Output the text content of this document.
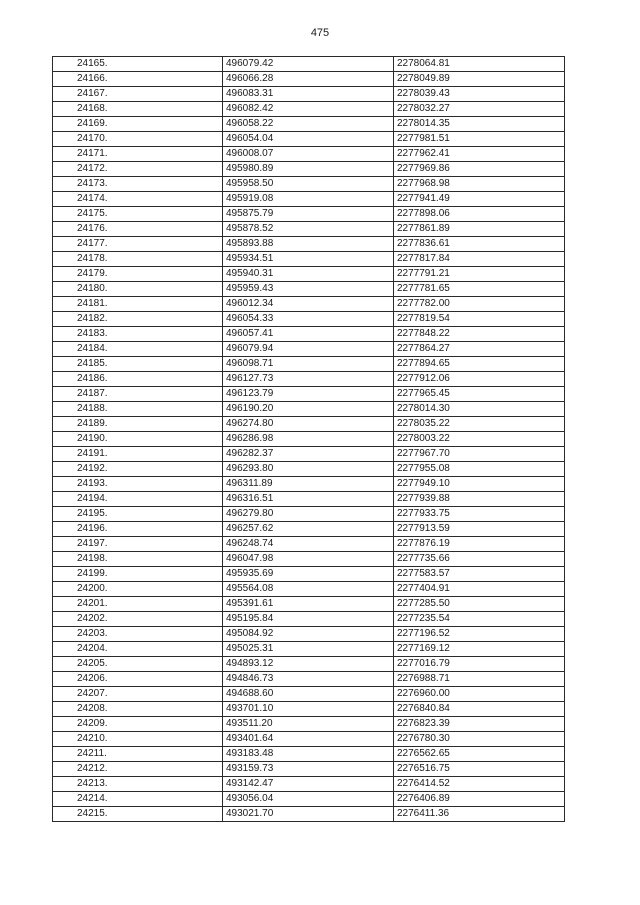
475
24165.	496079.42	2278064.81
24166.	496066.28	2278049.89
24167.	496083.31	2278039.43
24168.	496082.42	2278032.27
24169.	496058.22	2278014.35
24170.	496054.04	2277981.51
24171.	496008.07	2277962.41
24172.	495980.89	2277969.86
24173.	495958.50	2277968.98
24174.	495919.08	2277941.49
24175.	495875.79	2277898.06
24176.	495878.52	2277861.89
24177.	495893.88	2277836.61
24178.	495934.51	2277817.84
24179.	495940.31	2277791.21
24180.	495959.43	2277781.65
24181.	496012.34	2277782.00
24182.	496054.33	2277819.54
24183.	496057.41	2277848.22
24184.	496079.94	2277864.27
24185.	496098.71	2277894.65
24186.	496127.73	2277912.06
24187.	496123.79	2277965.45
24188.	496190.20	2278014.30
24189.	496274.80	2278035.22
24190.	496286.98	2278003.22
24191.	496282.37	2277967.70
24192.	496293.80	2277955.08
24193.	496311.89	2277949.10
24194.	496316.51	2277939.88
24195.	496279.80	2277933.75
24196.	496257.62	2277913.59
24197.	496248.74	2277876.19
24198.	496047.98	2277735.66
24199.	495935.69	2277583.57
24200.	495564.08	2277404.91
24201.	495391.61	2277285.50
24202.	495195.84	2277235.54
24203.	495084.92	2277196.52
24204.	495025.31	2277169.12
24205.	494893.12	2277016.79
24206.	494846.73	2276988.71
24207.	494688.60	2276960.00
24208.	493701.10	2276840.84
24209.	493511.20	2276823.39
24210.	493401.64	2276780.30
24211.	493183.48	2276562.65
24212.	493159.73	2276516.75
24213.	493142.47	2276414.52
24214.	493056.04	2276406.89
24215.	493021.70	2276411.36
